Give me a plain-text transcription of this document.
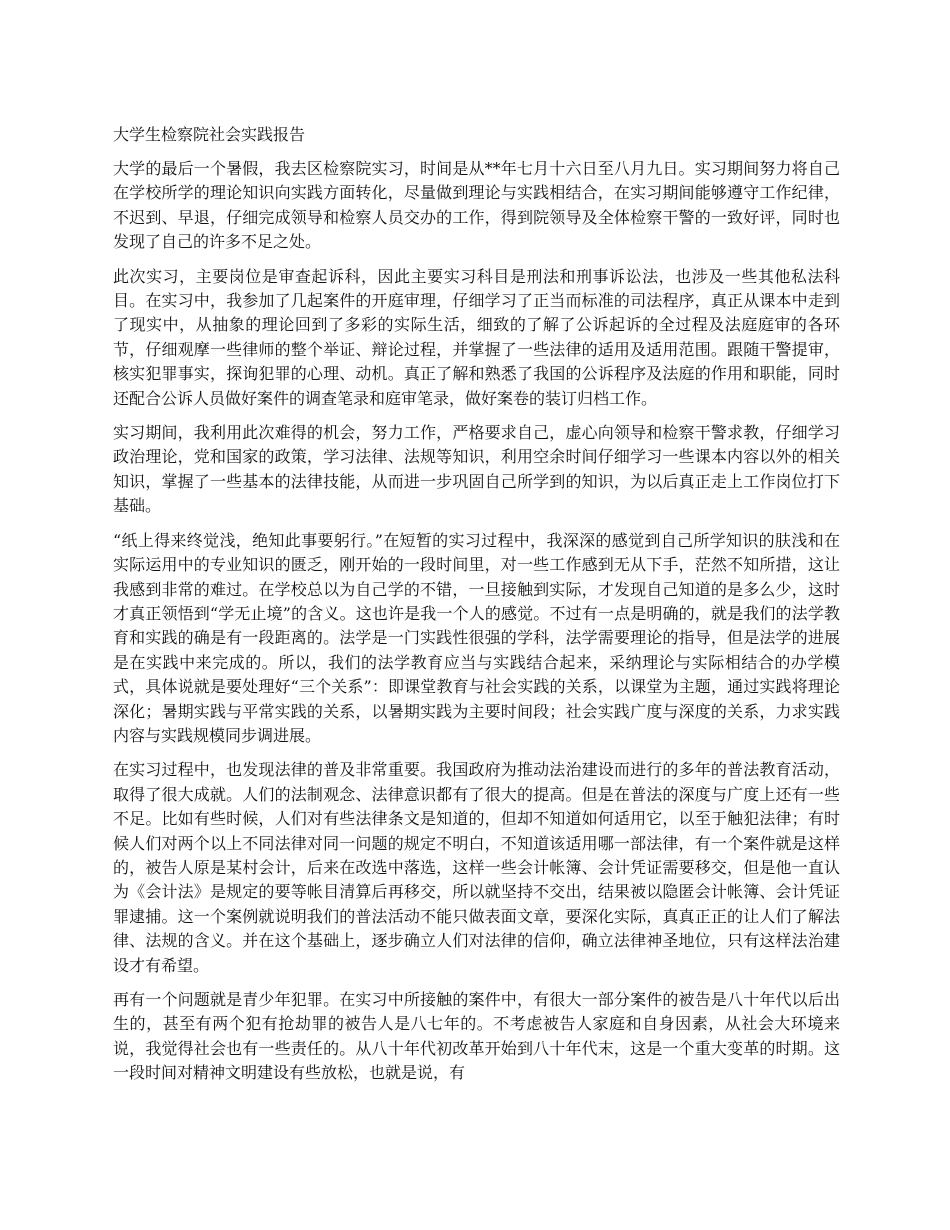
大学生检察院社会实践报告

大学的最后一个暑假，我去区检察院实习，时间是从**年七月十六日至八月九日。实习期间努力将自己在学校所学的理论知识向实践方面转化，尽量做到理论与实践相结合，在实习期间能够遵守工作纪律，不迟到、早退，仔细完成领导和检察人员交办的工作，得到院领导及全体检察干警的一致好评，同时也发现了自己的许多不足之处。

此次实习，主要岗位是审查起诉科，因此主要实习科目是刑法和刑事诉讼法，也涉及一些其他私法科目。在实习中，我参加了几起案件的开庭审理，仔细学习了正当而标准的司法程序，真正从课本中走到了现实中，从抽象的理论回到了多彩的实际生活，细致的了解了公诉起诉的全过程及法庭庭审的各环节，仔细观摩一些律师的整个举证、辩论过程，并掌握了一些法律的适用及适用范围。跟随干警提审，核实犯罪事实，探询犯罪的心理、动机。真正了解和熟悉了我国的公诉程序及法庭的作用和职能，同时还配合公诉人员做好案件的调查笔录和庭审笔录，做好案卷的装订归档工作。

实习期间，我利用此次难得的机会，努力工作，严格要求自己，虚心向领导和检察干警求教，仔细学习政治理论，党和国家的政策，学习法律、法规等知识，利用空余时间仔细学习一些课本内容以外的相关知识，掌握了一些基本的法律技能，从而进一步巩固自己所学到的知识，为以后真正走上工作岗位打下基础。

“纸上得来终觉浅，绝知此事要躬行。”在短暂的实习过程中，我深深的感觉到自己所学知识的肤浅和在实际运用中的专业知识的匮乏，刚开始的一段时间里，对一些工作感到无从下手，茫然不知所措，这让我感到非常的难过。在学校总以为自己学的不错，一旦接触到实际，才发现自己知道的是多么少，这时才真正领悟到“学无止境”的含义。这也许是我一个人的感觉。不过有一点是明确的，就是我们的法学教育和实践的确是有一段距离的。法学是一门实践性很强的学科，法学需要理论的指导，但是法学的进展是在实践中来完成的。所以，我们的法学教育应当与实践结合起来，采纳理论与实际相结合的办学模式，具体说就是要处理好“三个关系”：即课堂教育与社会实践的关系，以课堂为主题，通过实践将理论深化；暑期实践与平常实践的关系，以暑期实践为主要时间段；社会实践广度与深度的关系，力求实践内容与实践规模同步调进展。

在实习过程中，也发现法律的普及非常重要。我国政府为推动法治建设而进行的多年的普法教育活动，取得了很大成就。人们的法制观念、法律意识都有了很大的提高。但是在普法的深度与广度上还有一些不足。比如有些时候，人们对有些法律条文是知道的，但却不知道如何适用它，以至于触犯法律；有时候人们对两个以上不同法律对同一问题的规定不明白，不知道该适用哪一部法律，有一个案件就是这样的，被告人原是某村会计，后来在改选中落选，这样一些会计帐簿、会计凭证需要移交，但是他一直认为《会计法》是规定的要等帐目清算后再移交，所以就坚持不交出，结果被以隐匿会计帐簿、会计凭证罪逮捕。这一个案例就说明我们的普法活动不能只做表面文章，要深化实际，真真正正的让人们了解法律、法规的含义。并在这个基础上，逐步确立人们对法律的信仰，确立法律神圣地位，只有这样法治建设才有希望。

再有一个问题就是青少年犯罪。在实习中所接触的案件中，有很大一部分案件的被告是八十年代以后出生的，甚至有两个犯有抢劫罪的被告人是八七年的。不考虑被告人家庭和自身因素，从社会大环境来说，我觉得社会也有一些责任的。从八十年代初改革开始到八十年代末，这是一个重大变革的时期。这一段时间对精神文明建设有些放松，也就是说，有
